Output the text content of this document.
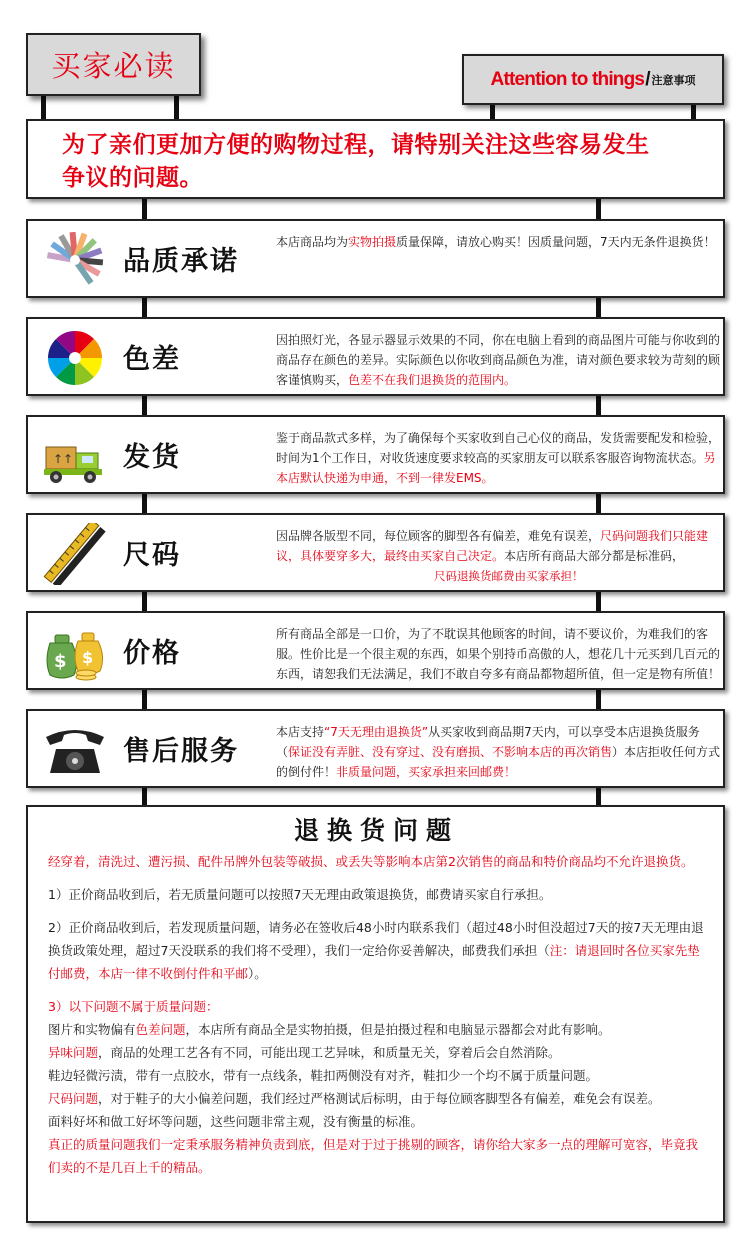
买家必读	Attention to things / 注意事项
为了亲们更加方便的购物过程，请特别关注这些容易发生
争议的问题。
品质承诺
本店商品均为实物拍摄质量保障，请放心购买！因质量问题，7天内无条件退换货！
色差
因拍照灯光，各显示器显示效果的不同，你在电脑上看到的商品图片可能与你收到的商品存在颜色的差异。实际颜色以你收到商品颜色为准，请对颜色要求较为苛刻的顾客谨慎购买，色差不在我们退换货的范围内。
↑↑ 发货
鉴于商品款式多样，为了确保每个买家收到自己心仪的商品，发货需要配发和检验，时间为1个工作日，对收货速度要求较高的买家朋友可以联系客服咨询物流状态。另本店默认快递为申通，不到一律发EMS。
尺码
因品牌各版型不同，每位顾客的脚型各有偏差，难免有误差，尺码问题我们只能建议，具体要穿多大，最终由买家自己决定。本店所有商品大部分都是标准码，
尺码退换货邮费由买家承担！
$ $ 价格
所有商品全部是一口价，为了不耽误其他顾客的时间，请不要议价，为难我们的客服。性价比是一个很主观的东西，如果个别持币高傲的人，想花几十元买到几百元的东西，请恕我们无法满足，我们不敢自夸多有商品都物超所值，但一定是物有所值！
售后服务
本店支持“7天无理由退换货”从买家收到商品期7天内，可以享受本店退换货服务（保证没有弄脏、没有穿过、没有磨损、不影响本店的再次销售）本店拒收任何方式的倒付件！非质量问题，买家承担来回邮费！
退换货问题
经穿着，清洗过、遭污损、配件吊牌外包装等破损、或丢失等影响本店第2次销售的商品和特价商品均不允许退换货。
1）正价商品收到后，若无质量问题可以按照7天无理由政策退换货，邮费请买家自行承担。
2）正价商品收到后，若发现质量问题，请务必在签收后48小时内联系我们（超过48小时但没超过7天的按7天无理由退换货政策处理，超过7天没联系的我们将不受理），我们一定给你妥善解决，邮费我们承担（注：请退回时各位买家先垫付邮费，本店一律不收倒付件和平邮）。
3）以下问题不属于质量问题：
图片和实物偏有色差问题，本店所有商品全是实物拍摄，但是拍摄过程和电脑显示器都会对此有影响。
异味问题，商品的处理工艺各有不同，可能出现工艺异味，和质量无关，穿着后会自然消除。
鞋边轻微污渍，带有一点胶水，带有一点线条，鞋扣两侧没有对齐，鞋扣少一个均不属于质量问题。
尺码问题，对于鞋子的大小偏差问题，我们经过严格测试后标明，由于每位顾客脚型各有偏差，难免会有误差。
面料好坏和做工好坏等问题，这些问题非常主观，没有衡量的标准。
真正的质量问题我们一定秉承服务精神负责到底，但是对于过于挑剔的顾客，请你给大家多一点的理解可宽容，毕竟我们卖的不是几百上千的精品。
